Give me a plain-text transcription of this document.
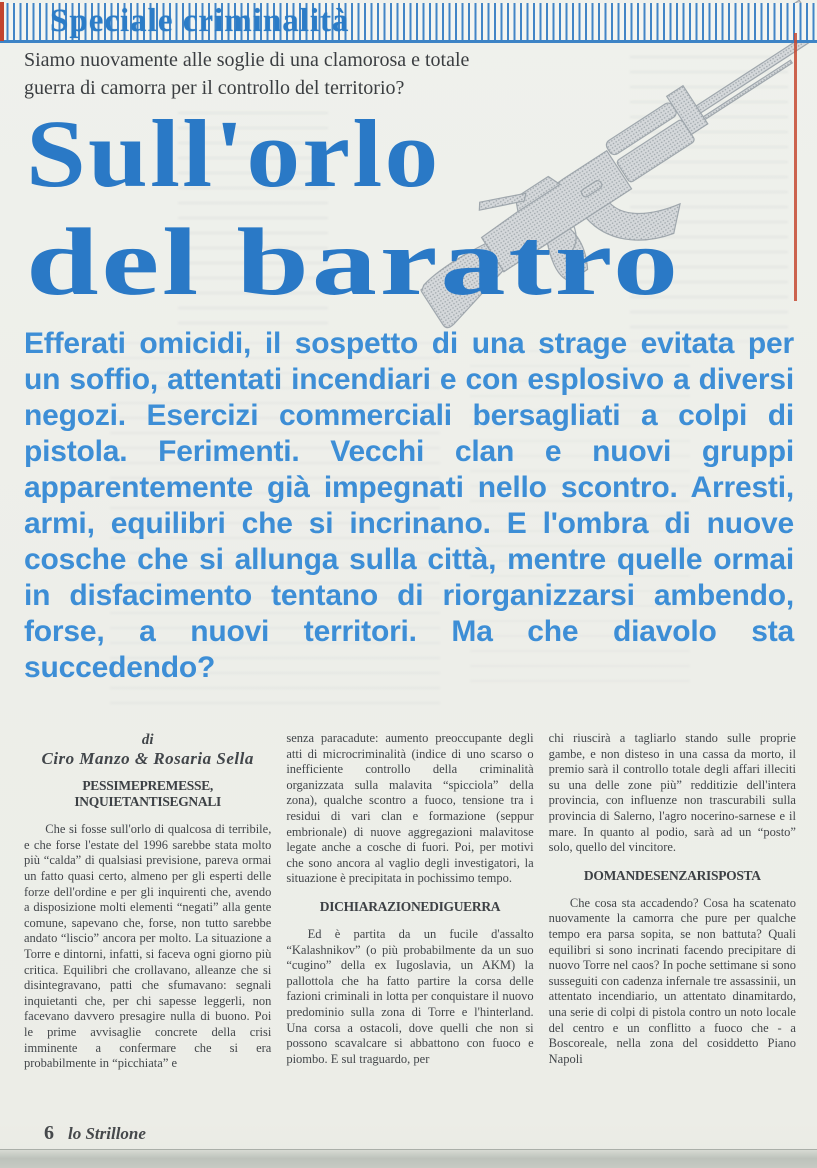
Speciale criminalità
Siamo nuovamente alle soglie di una clamorosa e totale guerra di camorra per il controllo del territorio?
Sull'orlo
del baratro
Efferati omicidi, il sospetto di una strage evitata per un soffio, attentati incendiari e con esplosivo a diversi negozi. Esercizi commerciali bersagliati a colpi di pistola. Ferimenti. Vecchi clan e nuovi gruppi apparentemente già impegnati nello scontro. Arresti, armi, equilibri che si incrinano. E l'ombra di nuove cosche che si allunga sulla città, mentre quelle ormai in disfacimento tentano di riorganizzarsi ambendo, forse, a nuovi territori. Ma che diavolo sta succedendo?
di
Ciro Manzo & Rosaria Sella
PESSIMEPREMESSE, INQUIETANTISEGNALI

Che si fosse sull'orlo di qualcosa di terribile, e che forse l'estate del 1996 sarebbe stata molto più “calda” di qualsiasi previsione, pareva ormai un fatto quasi certo, almeno per gli esperti delle forze dell'ordine e per gli inquirenti che, avendo a disposizione molti elementi “negati” alla gente comune, sapevano che, forse, non tutto sarebbe andato “liscio” ancora per molto. La situazione a Torre e dintorni, infatti, si faceva ogni giorno più critica. Equilibri che crollavano, alleanze che si disintegravano, patti che sfumavano: segnali inquietanti che, per chi sapesse leggerli, non facevano davvero presagire nulla di buono. Poi le prime avvisaglie concrete della crisi imminente a confermare che si era probabilmente in “picchiata” e

senza paracadute: aumento preoccupante degli atti di microcriminalità (indice di uno scarso o inefficiente controllo della criminalità organizzata sulla malavita “spicciola” della zona), qualche scontro a fuoco, tensione tra i residui di vari clan e formazione (seppur embrionale) di nuove aggregazioni malavitose legate anche a cosche di fuori. Poi, per motivi che sono ancora al vaglio degli investigatori, la situazione è precipitata in pochissimo tempo.

DICHIARAZIONEDIGUERRA

Ed è partita da un fucile d'assalto “Kalashnikov” (o più probabilmente da un suo “cugino” della ex Iugoslavia, un AKM) la pallottola che ha fatto partire la corsa delle fazioni criminali in lotta per conquistare il nuovo predominio sulla zona di Torre e l'hinterland. Una corsa a ostacoli, dove quelli che non si possono scavalcare si abbattono con fuoco e piombo. E sul traguardo, per

chi riuscirà a tagliarlo stando sulle proprie gambe, e non disteso in una cassa da morto, il premio sarà il controllo totale degli affari illeciti su una delle zone più” redditizie dell'intera provincia, con influenze non trascurabili sulla provincia di Salerno, l'agro nocerino-sarnese e il mare. In quanto al podio, sarà ad un “posto” solo, quello del vincitore.

DOMANDESENZARISPOSTA

Che cosa sta accadendo? Cosa ha scatenato nuovamente la camorra che pure per qualche tempo era parsa sopita, se non battuta? Quali equilibri si sono incrinati facendo precipitare di nuovo Torre nel caos? In poche settimane si sono susseguiti con cadenza infernale tre assassinii, un attentato incendiario, un attentato dinamitardo, una serie di colpi di pistola contro un noto locale del centro e un conflitto a fuoco che - a Boscoreale, nella zona del cosiddetto Piano Napoli

6 lo Strillone
